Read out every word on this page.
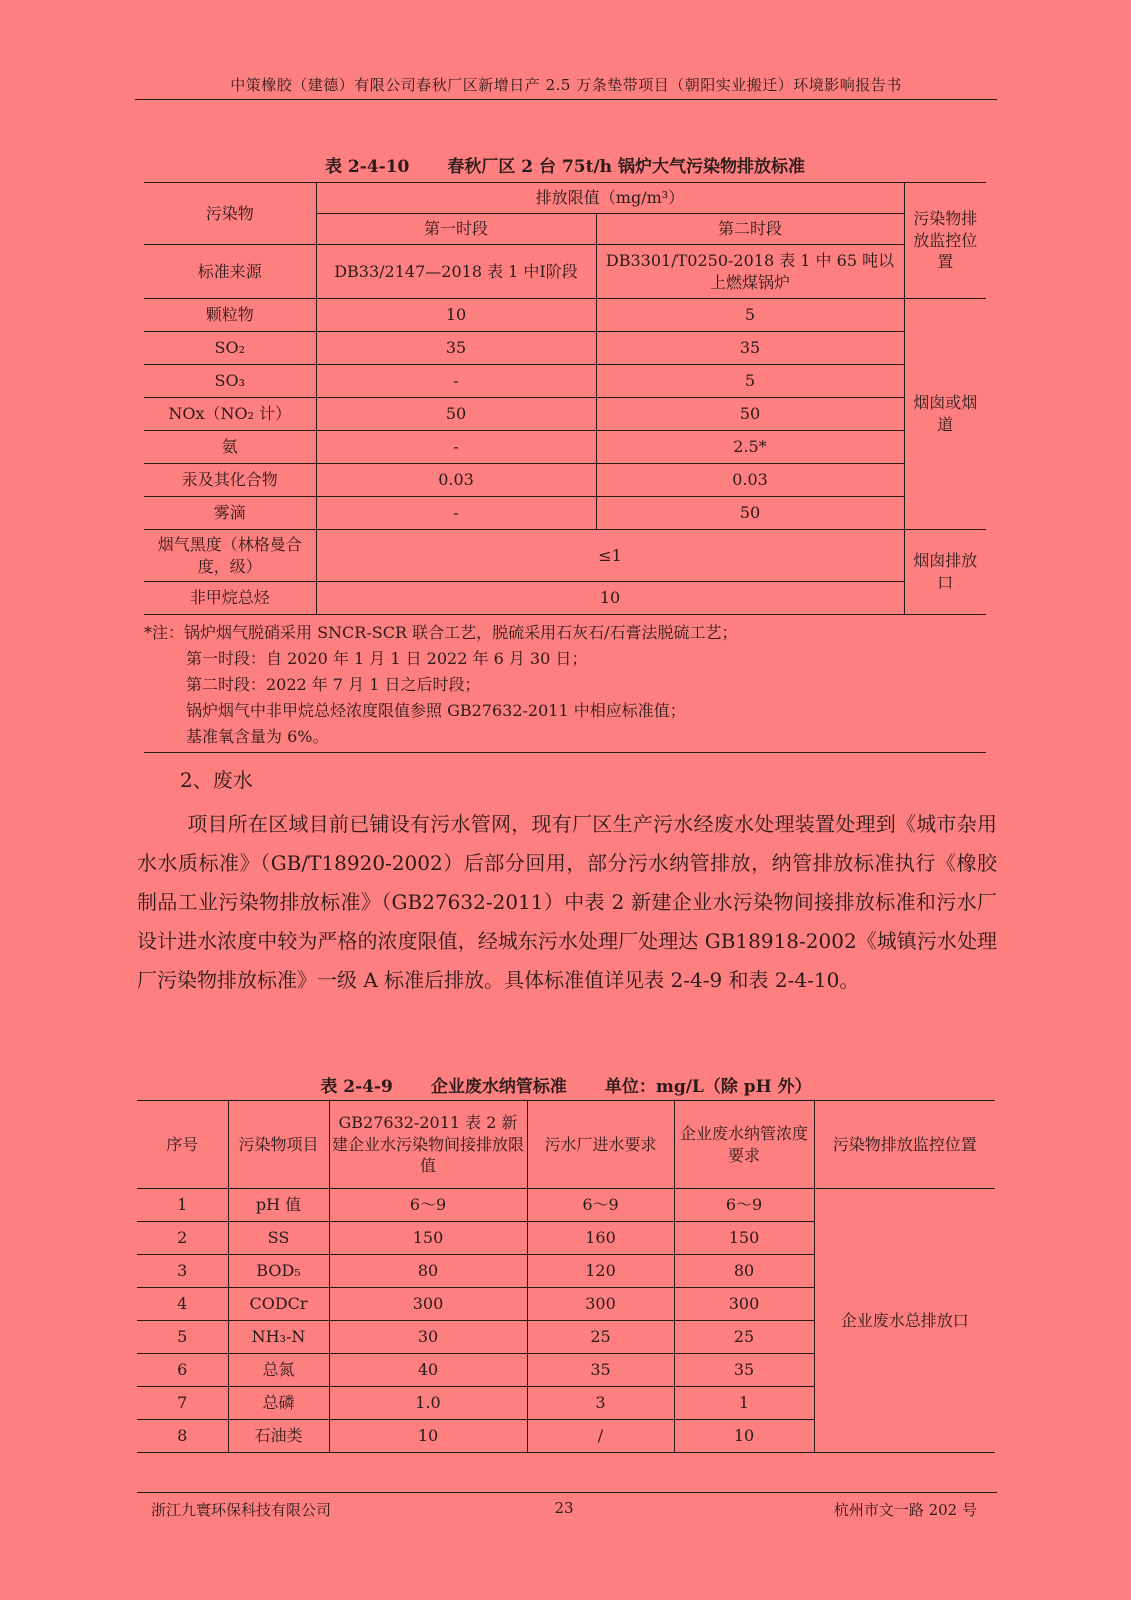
中策橡胶（建德）有限公司春秋厂区新增日产 2.5 万条垫带项目（朝阳实业搬迁）环境影响报告书
表 2-4-10 春秋厂区 2 台 75t/h 锅炉大气污染物排放标准
污染物	排放限值（mg/m³）		污染物排放监控位置
	第一时段	第二时段	
标准来源	DB33/2147—2018 表 1 中Ⅰ阶段	DB3301/T0250-2018 表 1 中 65 吨以上燃煤锅炉	
颗粒物	10	5	烟囱或烟道
SO₂	35	35	
SO₃	-	5	
NOx（NO₂ 计）	50	50	
氨	-	2.5*	
汞及其化合物	0.03	0.03	
雾滴	-	50	
烟气黑度（林格曼合度，级）	≤1		烟囱排放口
非甲烷总烃	10		
*注：锅炉烟气脱硝采用 SNCR-SCR 联合工艺，脱硫采用石灰石/石膏法脱硫工艺；
第一时段：自 2020 年 1 月 1 日 2022 年 6 月 30 日；
第二时段：2022 年 7 月 1 日之后时段；
锅炉烟气中非甲烷总烃浓度限值参照 GB27632-2011 中相应标准值；
基准氧含量为 6%。
2、废水
项目所在区域目前已铺设有污水管网，现有厂区生产污水经废水处理装置处理到《城市杂用水水质标准》（GB/T18920-2002）后部分回用，部分污水纳管排放，纳管排放标准执行《橡胶制品工业污染物排放标准》（GB27632-2011）中表 2 新建企业水污染物间接排放标准和污水厂设计进水浓度中较为严格的浓度限值，经城东污水处理厂处理达 GB18918-2002《城镇污水处理厂污染物排放标准》一级 A 标准后排放。具体标准值详见表 2-4-9 和表 2-4-10。
表 2-4-9 企业废水纳管标准 单位：mg/L（除 pH 外）
序号	污染物项目	GB27632-2011 表 2 新建企业水污染物间接排放限值	污水厂进水要求	企业废水纳管浓度要求	污染物排放监控位置
1	pH 值	6～9	6～9	6～9	企业废水总排放口
2	SS	150	160	150	
3	BOD₅	80	120	80	
4	CODCr	300	300	300	
5	NH₃-N	30	25	25	
6	总氮	40	35	35	
7	总磷	1.0	3	1	
8	石油类	10	/	10	
浙江九寰环保科技有限公司	23	杭州市文一路 202 号
